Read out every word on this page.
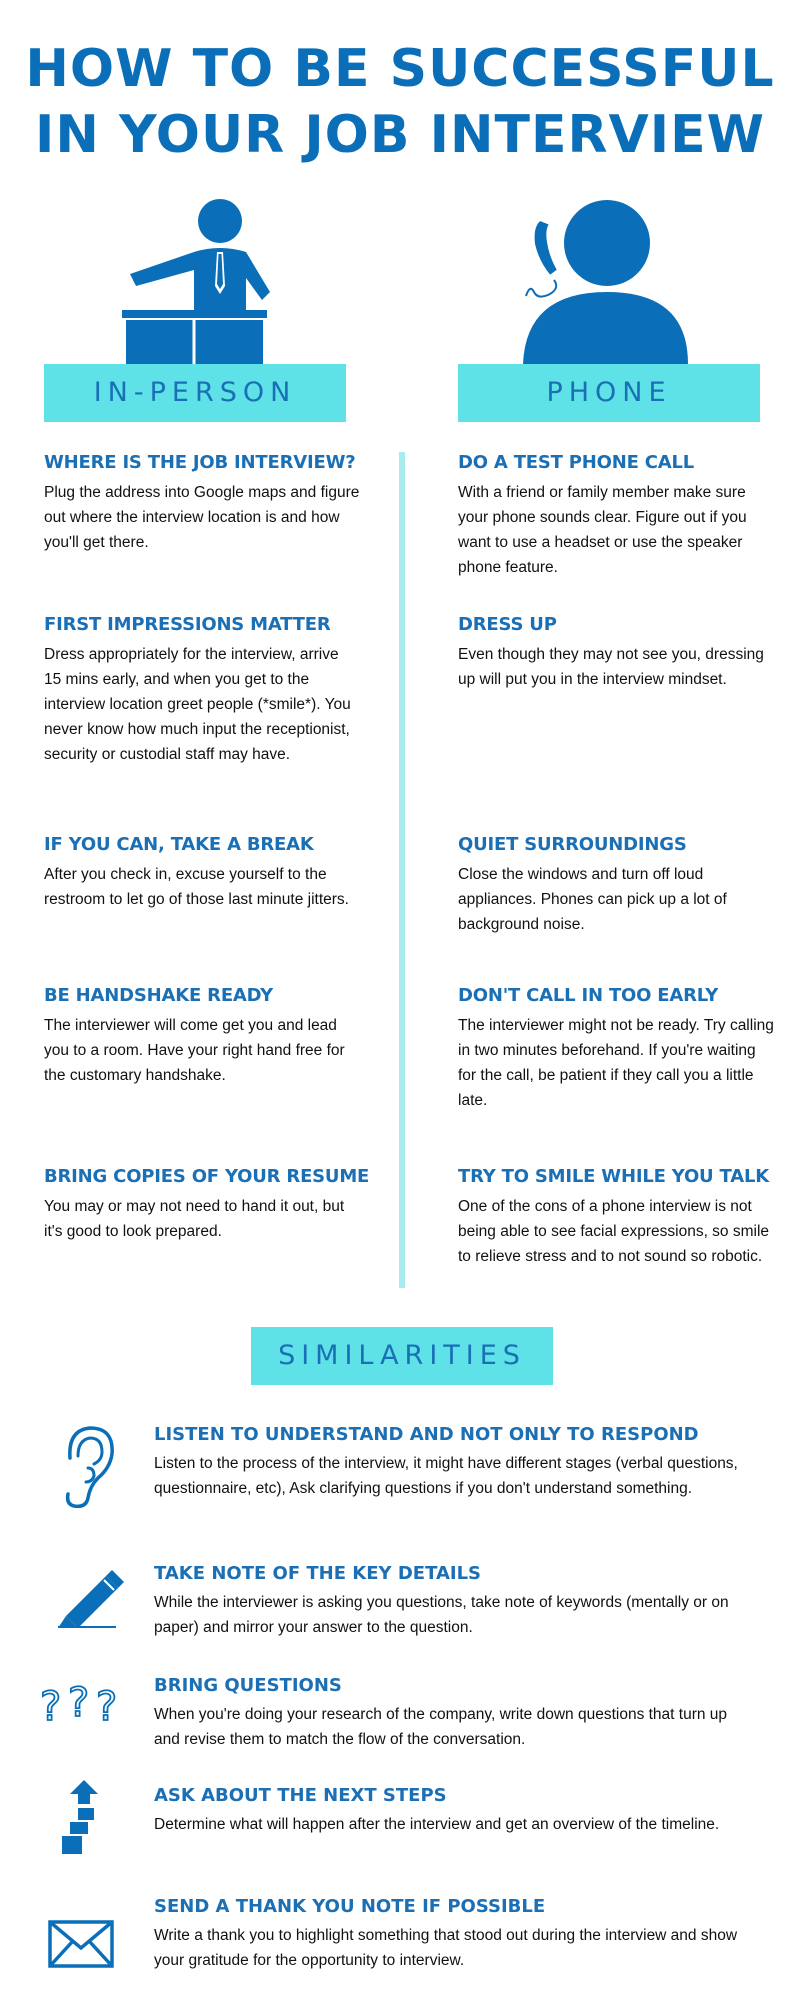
HOW TO BE SUCCESSFUL
IN YOUR JOB INTERVIEW
IN-PERSON	PHONE
WHERE IS THE JOB INTERVIEW?

Plug the address into Google maps and figure out where the interview location is and how you'll get there.

FIRST IMPRESSIONS MATTER

Dress appropriately for the interview, arrive 15 mins early, and when you get to the interview location greet people (*smile*). You never know how much input the receptionist, security or custodial staff may have.

IF YOU CAN, TAKE A BREAK

After you check in, excuse yourself to the restroom to let go of those last minute jitters.

BE HANDSHAKE READY

The interviewer will come get you and lead you to a room. Have your right hand free for the customary handshake.

BRING COPIES OF YOUR RESUME

You may or may not need to hand it out, but it's good to look prepared.

DO A TEST PHONE CALL

With a friend or family member make sure your phone sounds clear. Figure out if you want to use a headset or use the speaker phone feature.

DRESS UP

Even though they may not see you, dressing up will put you in the interview mindset.

QUIET SURROUNDINGS

Close the windows and turn off loud appliances. Phones can pick up a lot of background noise.

DON'T CALL IN TOO EARLY

The interviewer might not be ready. Try calling in two minutes beforehand. If you're waiting for the call, be patient if they call you a little late.

TRY TO SMILE WHILE YOU TALK

One of the cons of a phone interview is not being able to see facial expressions, so smile to relieve stress and to not sound so robotic.

SIMILARITIES
? ? ?
LISTEN TO UNDERSTAND AND NOT ONLY TO RESPOND

Listen to the process of the interview, it might have different stages (verbal questions, questionnaire, etc), Ask clarifying questions if you don't understand something.

TAKE NOTE OF THE KEY DETAILS

While the interviewer is asking you questions, take note of keywords (mentally or on paper) and mirror your answer to the question.

BRING QUESTIONS

When you're doing your research of the company, write down questions that turn up and revise them to match the flow of the conversation.

ASK ABOUT THE NEXT STEPS

Determine what will happen after the interview and get an overview of the timeline.

SEND A THANK YOU NOTE IF POSSIBLE

Write a thank you to highlight something that stood out during the interview and show your gratitude for the opportunity to interview.
